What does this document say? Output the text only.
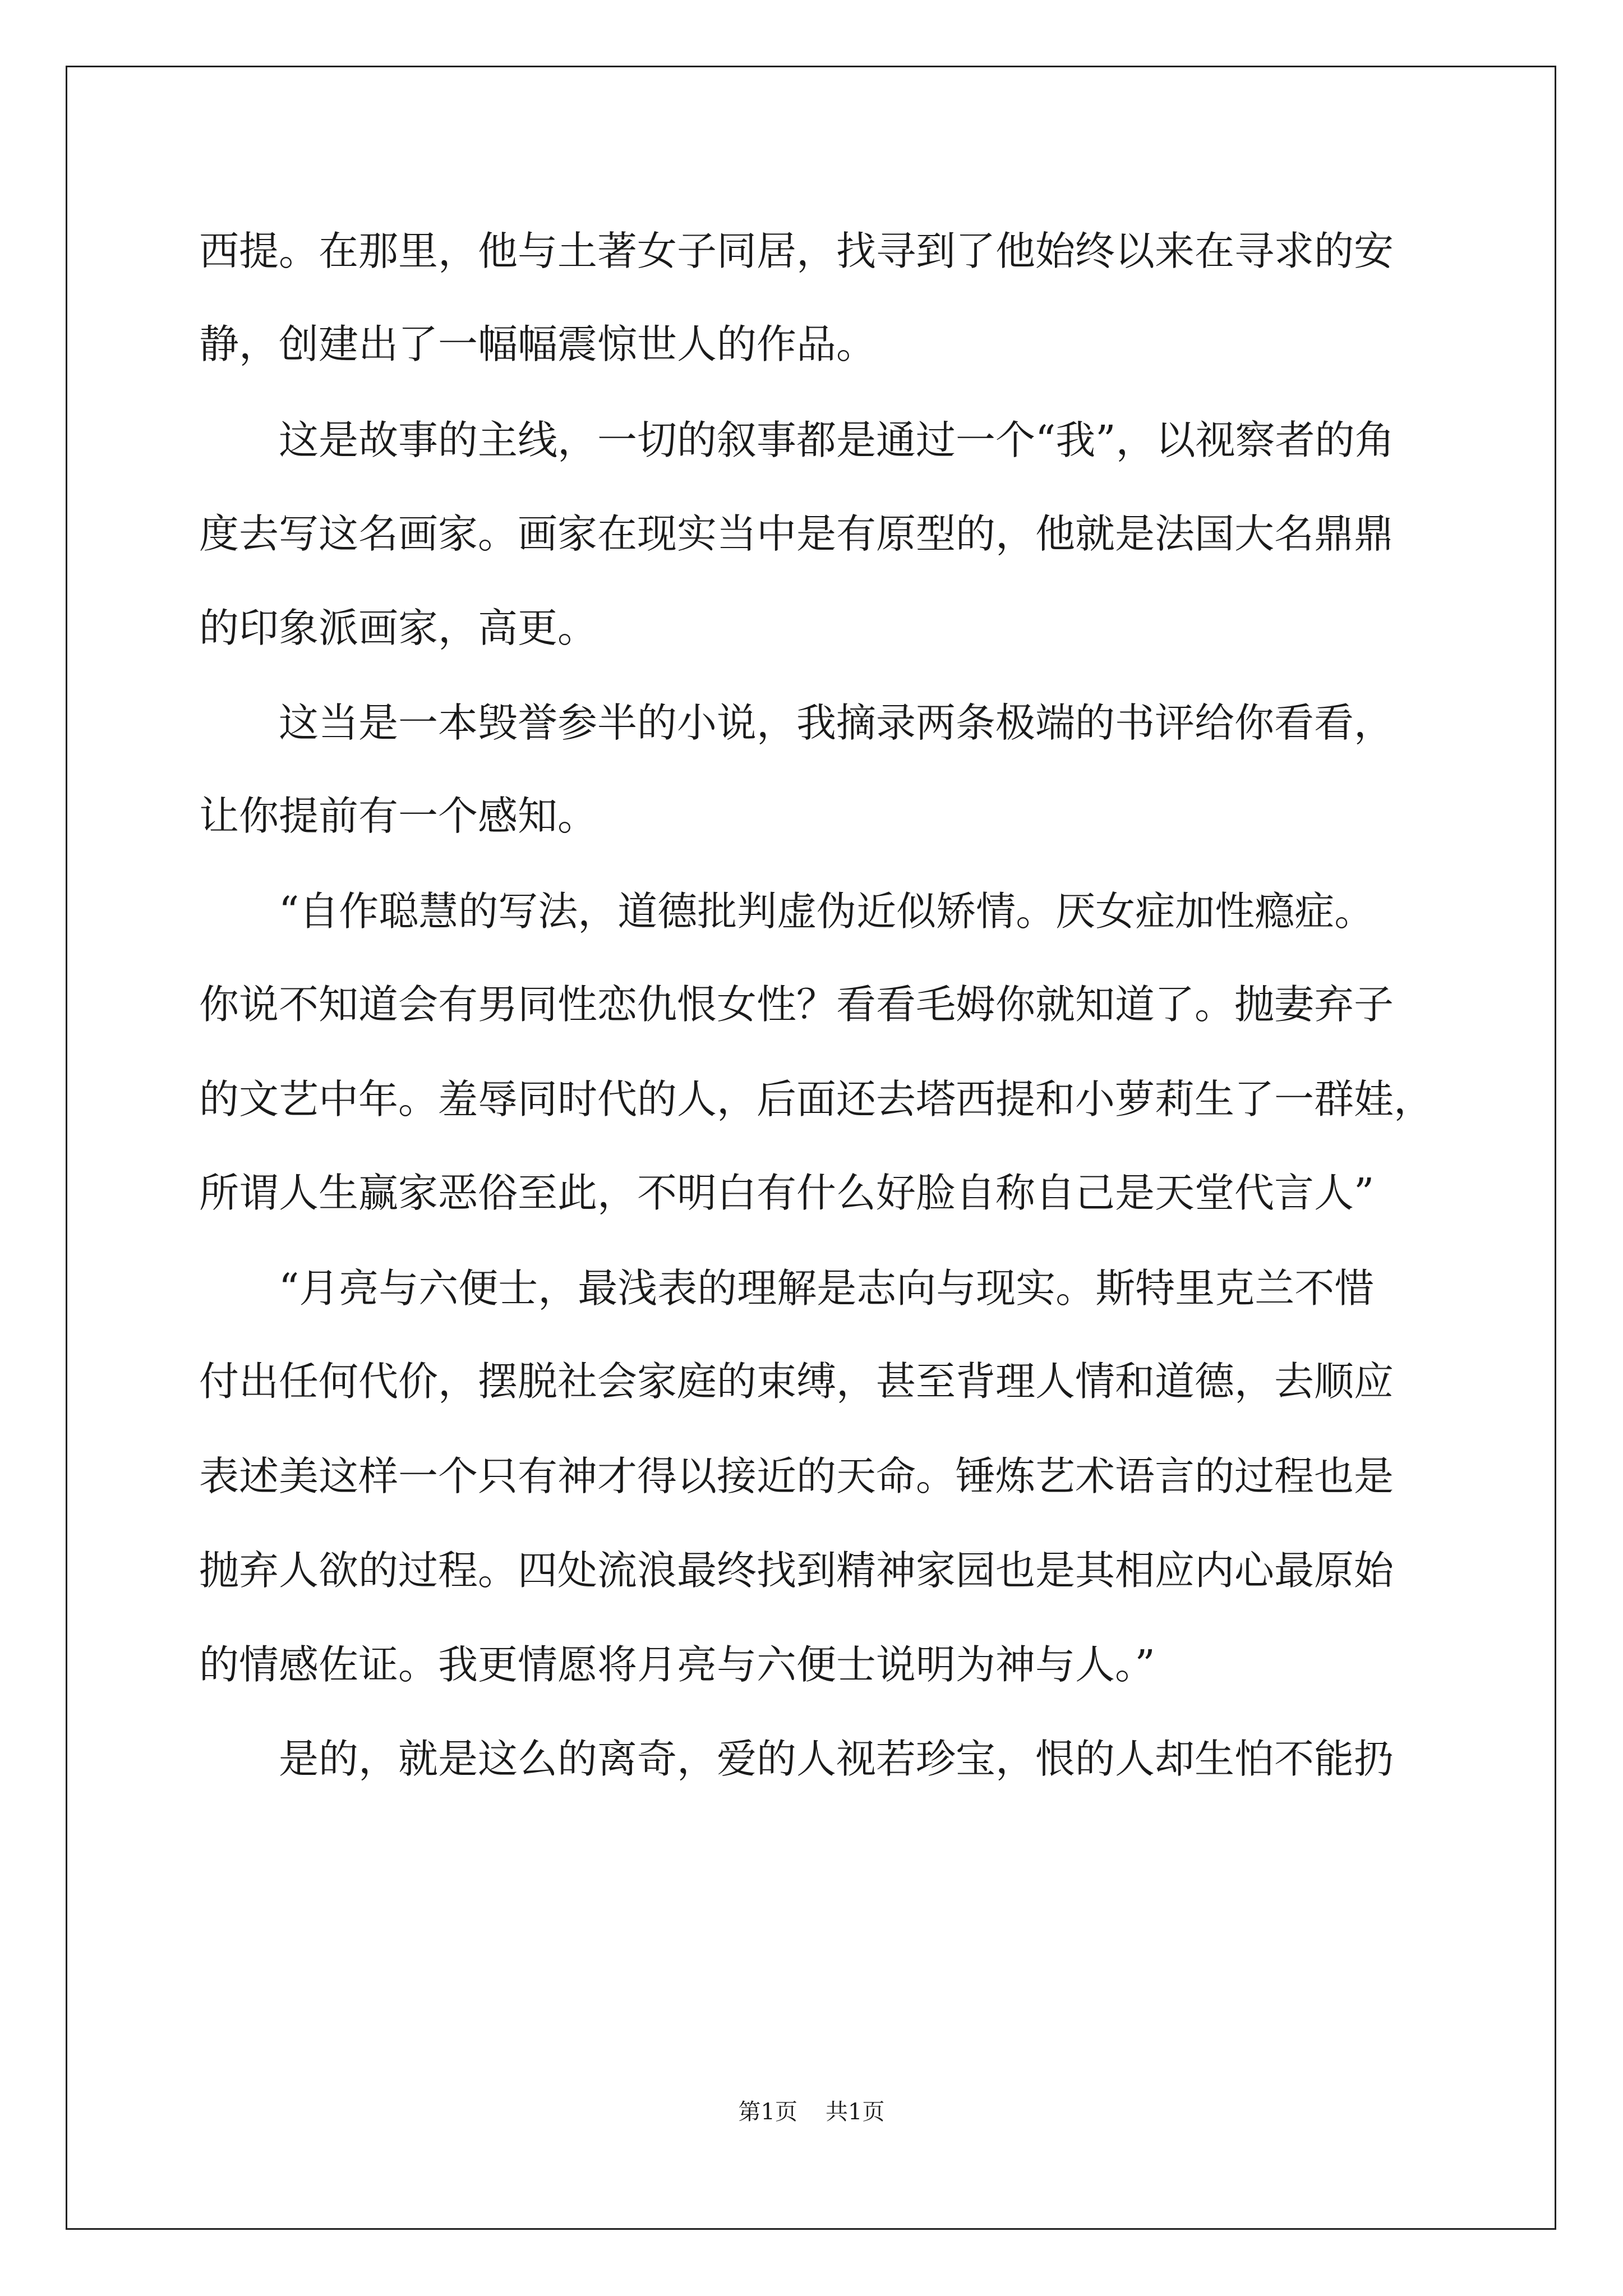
西提。在那里，他与土著女子同居，找寻到了他始终以来在寻求的安
静，创建出了一幅幅震惊世人的作品。
这是故事的主线，一切的叙事都是通过一个“我”，以视察者的角
度去写这名画家。画家在现实当中是有原型的，他就是法国大名鼎鼎
的印象派画家，高更。
这当是一本毁誉参半的小说，我摘录两条极端的书评给你看看，
让你提前有一个感知。
“自作聪慧的写法，道德批判虚伪近似矫情。厌女症加性瘾症。
你说不知道会有男同性恋仇恨女性？看看毛姆你就知道了。抛妻弃子
的文艺中年。羞辱同时代的人，后面还去塔西提和小萝莉生了一群娃，
所谓人生赢家恶俗至此，不明白有什么好脸自称自己是天堂代言人”
“月亮与六便士，最浅表的理解是志向与现实。斯特里克兰不惜
付出任何代价，摆脱社会家庭的束缚，甚至背理人情和道德，去顺应
表述美这样一个只有神才得以接近的天命。锤炼艺术语言的过程也是
抛弃人欲的过程。四处流浪最终找到精神家园也是其相应内心最原始
的情感佐证。我更情愿将月亮与六便士说明为神与人。”
是的，就是这么的离奇，爱的人视若珍宝，恨的人却生怕不能扔
第1页 共1页
